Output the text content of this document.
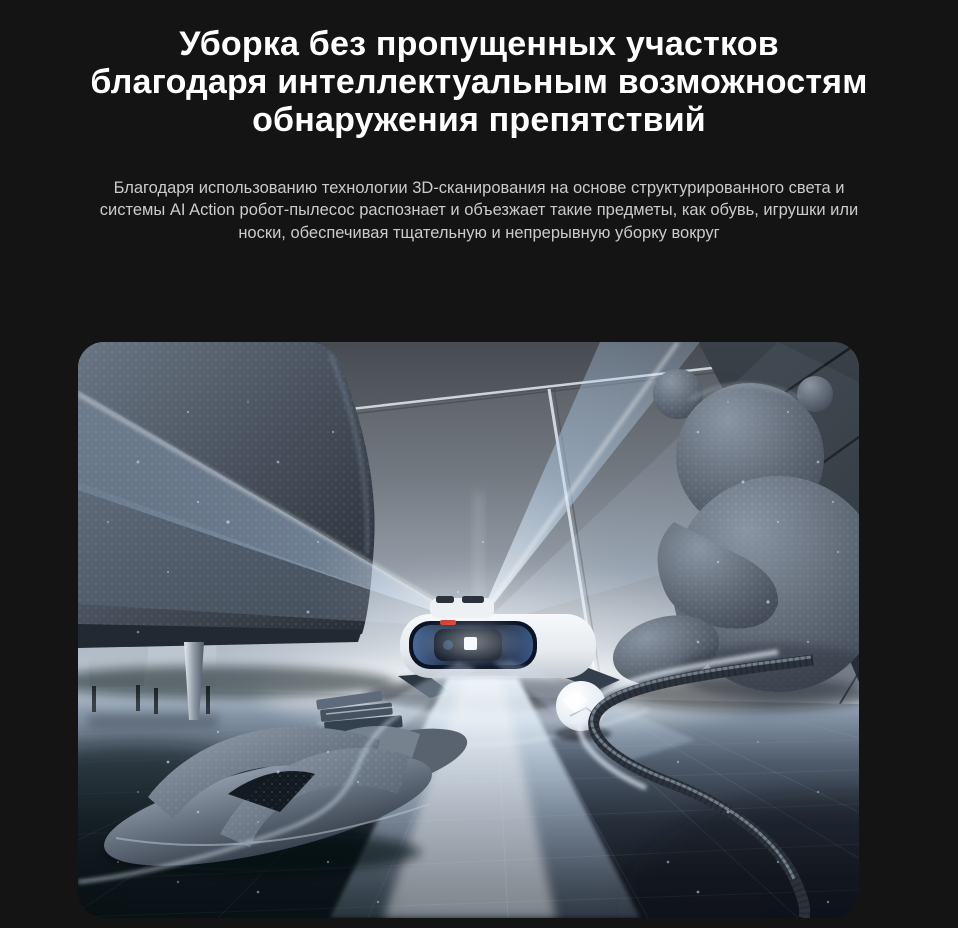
Уборка без пропущенных участков
благодаря интеллектуальным возможностям
обнаружения препятствий

Благодаря использованию технологии 3D-сканирования на основе структурированного света и
системы AI Action робот-пылесос распознает и объезжает такие предметы, как обувь, игрушки или
носки, обеспечивая тщательную и непрерывную уборку вокруг
